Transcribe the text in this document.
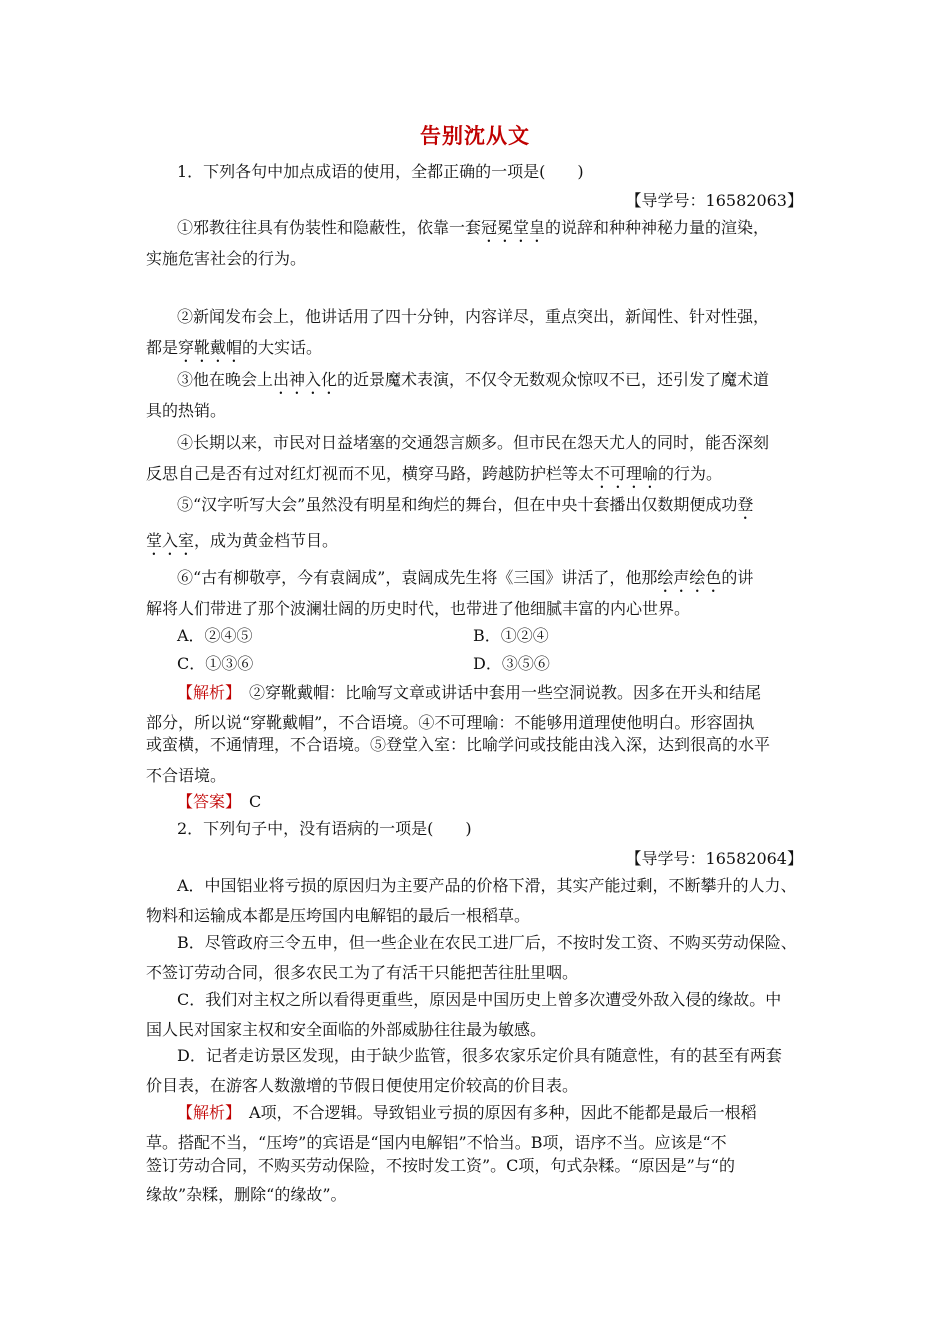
告别沈从文
1．下列各句中加点成语的使用，全都正确的一项是(　　)
【导学号：16582063】
①邪教往往具有伪装性和隐蔽性，依靠一套冠冕堂皇的说辞和种种神秘力量的渲染，
实施危害社会的行为。
②新闻发布会上，他讲话用了四十分钟，内容详尽，重点突出，新闻性、针对性强，
都是穿靴戴帽的大实话。
③他在晚会上出神入化的近景魔术表演，不仅令无数观众惊叹不已，还引发了魔术道
具的热销。
④长期以来，市民对日益堵塞的交通怨言颇多。但市民在怨天尤人的同时，能否深刻
反思自己是否有过对红灯视而不见，横穿马路，跨越防护栏等太不可理喻的行为。
⑤“汉字听写大会”虽然没有明星和绚烂的舞台，但在中央十套播出仅数期便成功登
堂入室，成为黄金档节目。
⑥“古有柳敬亭，今有袁阔成”，袁阔成先生将《三国》讲活了，他那绘声绘色的讲
解将人们带进了那个波澜壮阔的历史时代，也带进了他细腻丰富的内心世界。
A．②④⑤	B．①②④
C．①③⑥	D．③⑤⑥
【解析】　 ②穿靴戴帽：比喻写文章或讲话中套用一些空洞说教。因多在开头和结尾
部分，所以说“穿靴戴帽”，不合语境。④不可理喻：不能够用道理使他明白。形容固执
或蛮横，不通情理，不合语境。⑤登堂入室：比喻学问或技能由浅入深，达到很高的水平
不合语境。
【答案】　 C
2．下列句子中，没有语病的一项是(　　)
【导学号：16582064】
A．中国铝业将亏损的原因归为主要产品的价格下滑，其实产能过剩，不断攀升的人力、
物料和运输成本都是压垮国内电解铝的最后一根稻草。
B．尽管政府三令五申，但一些企业在农民工进厂后，不按时发工资、不购买劳动保险、
不签订劳动合同，很多农民工为了有活干只能把苦往肚里咽。
C．我们对主权之所以看得更重些，原因是中国历史上曾多次遭受外敌入侵的缘故。中
国人民对国家主权和安全面临的外部威胁往往最为敏感。
D．记者走访景区发现，由于缺少监管，很多农家乐定价具有随意性，有的甚至有两套
价目表，在游客人数激增的节假日便使用定价较高的价目表。
【解析】　 A项，不合逻辑。导致铝业亏损的原因有多种，因此不能都是最后一根稻
草。搭配不当，“压垮”的宾语是“国内电解铝”不恰当。B项，语序不当。应该是“不
签订劳动合同，不购买劳动保险，不按时发工资”。C项，句式杂糅。“原因是”与“的
缘故”杂糅，删除“的缘故”。
